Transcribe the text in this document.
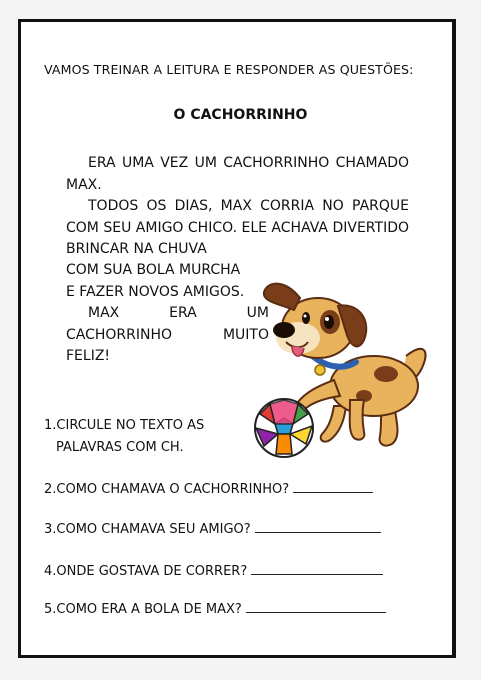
VAMOS TREINAR A LEITURA E RESPONDER AS QUESTÕES:
O CACHORRINHO
ERA UMA VEZ UM CACHORRINHO CHAMADO MAX.
TODOS OS DIAS, MAX CORRIA NO PARQUE COM SEU AMIGO CHICO. ELE ACHAVA DIVERTIDO BRINCAR NA CHUVA
COM SUA BOLA MURCHA
E FAZER NOVOS AMIGOS.
MAX ERA UM CACHORRINHO MUITO FELIZ!
1.CIRCULE NO TEXTO AS
PALAVRAS COM CH.
2.COMO CHAMAVA O CACHORRINHO?
3.COMO CHAMAVA SEU AMIGO?
4.ONDE GOSTAVA DE CORRER?
5.COMO ERA A BOLA DE MAX?
